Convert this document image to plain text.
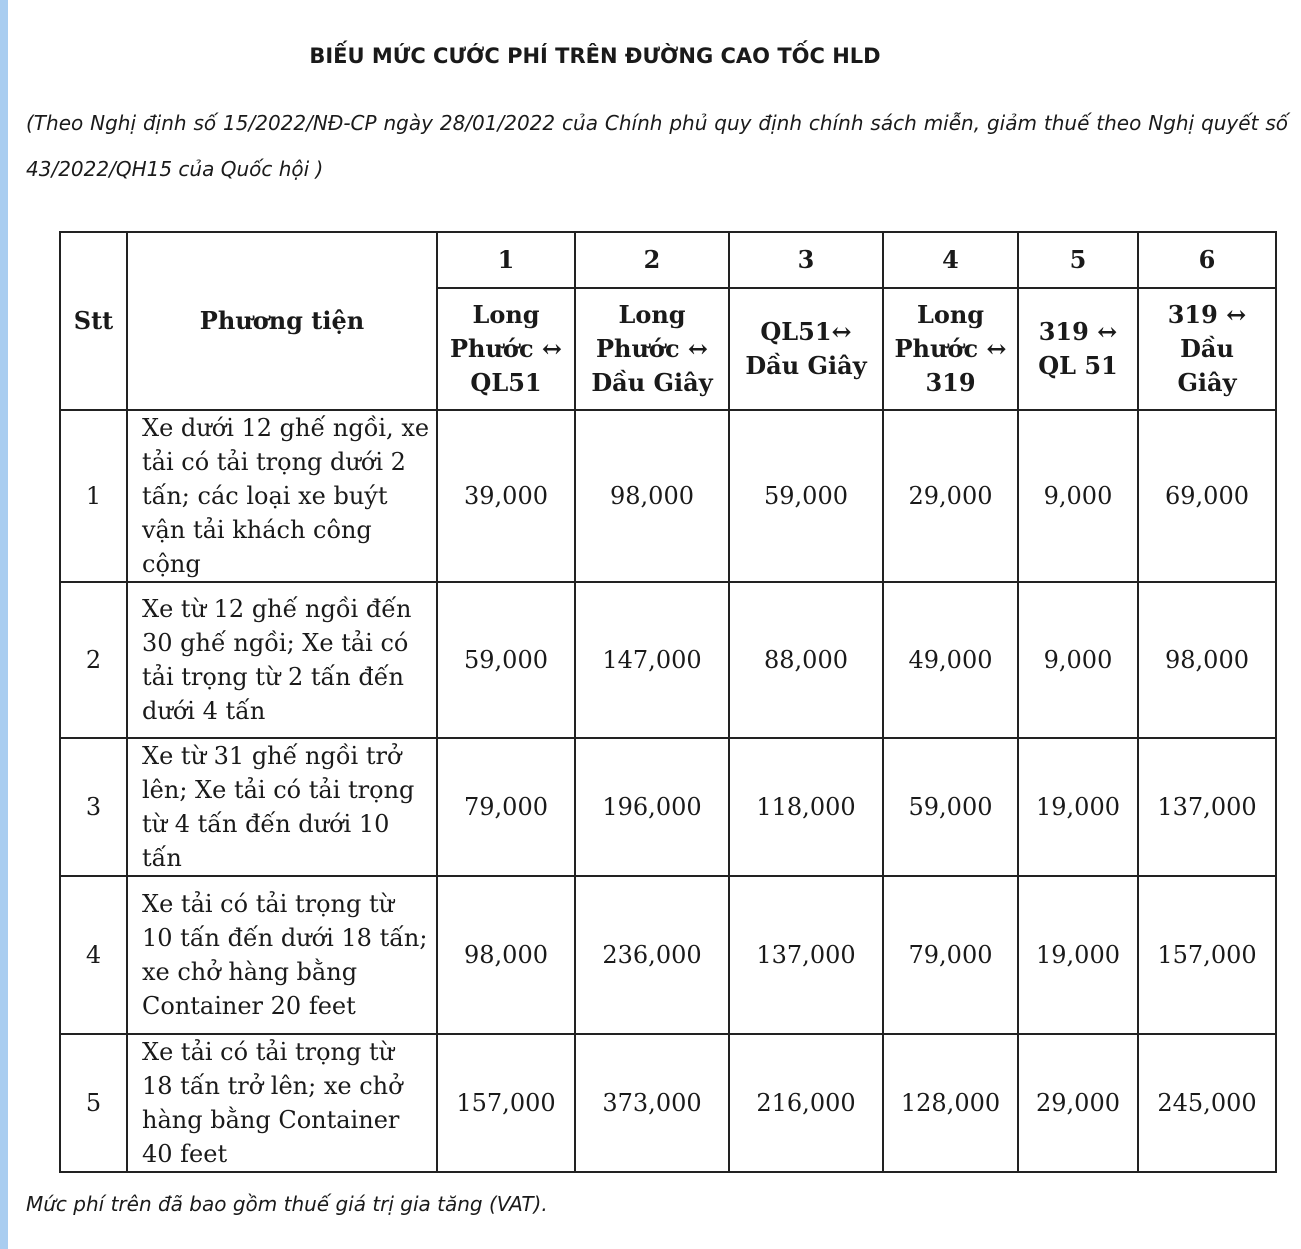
BIẾU MỨC CƯỚC PHÍ TRÊN ĐƯỜNG CAO TỐC HLD
(Theo Nghị định số 15/2022/NĐ-CP ngày 28/01/2022 của Chính phủ quy định chính sách miễn, giảm thuế theo Nghị quyết số 43/2022/QH15 của Quốc hội )
Stt	Phương tiện	1	2	3	4	5	6
		Long Phước ↔ QL51	Long Phước ↔ Dầu Giây	QL51↔ Dầu Giây	Long Phước ↔ 319	319 ↔ QL 51	319 ↔ Dầu Giây
1	Xe dưới 12 ghế ngồi, xe tải có tải trọng dưới 2 tấn; các loại xe buýt vận tải khách công cộng	39,000	98,000	59,000	29,000	9,000	69,000
2	Xe từ 12 ghế ngồi đến 30 ghế ngồi; Xe tải có tải trọng từ 2 tấn đến dưới 4 tấn	59,000	147,000	88,000	49,000	9,000	98,000
3	Xe từ 31 ghế ngồi trở lên; Xe tải có tải trọng từ 4 tấn đến dưới 10 tấn	79,000	196,000	118,000	59,000	19,000	137,000
4	Xe tải có tải trọng từ 10 tấn đến dưới 18 tấn; xe chở hàng bằng Container 20 feet	98,000	236,000	137,000	79,000	19,000	157,000
5	Xe tải có tải trọng từ 18 tấn trở lên; xe chở hàng bằng Container 40 feet	157,000	373,000	216,000	128,000	29,000	245,000
Mức phí trên đã bao gồm thuế giá trị gia tăng (VAT).
